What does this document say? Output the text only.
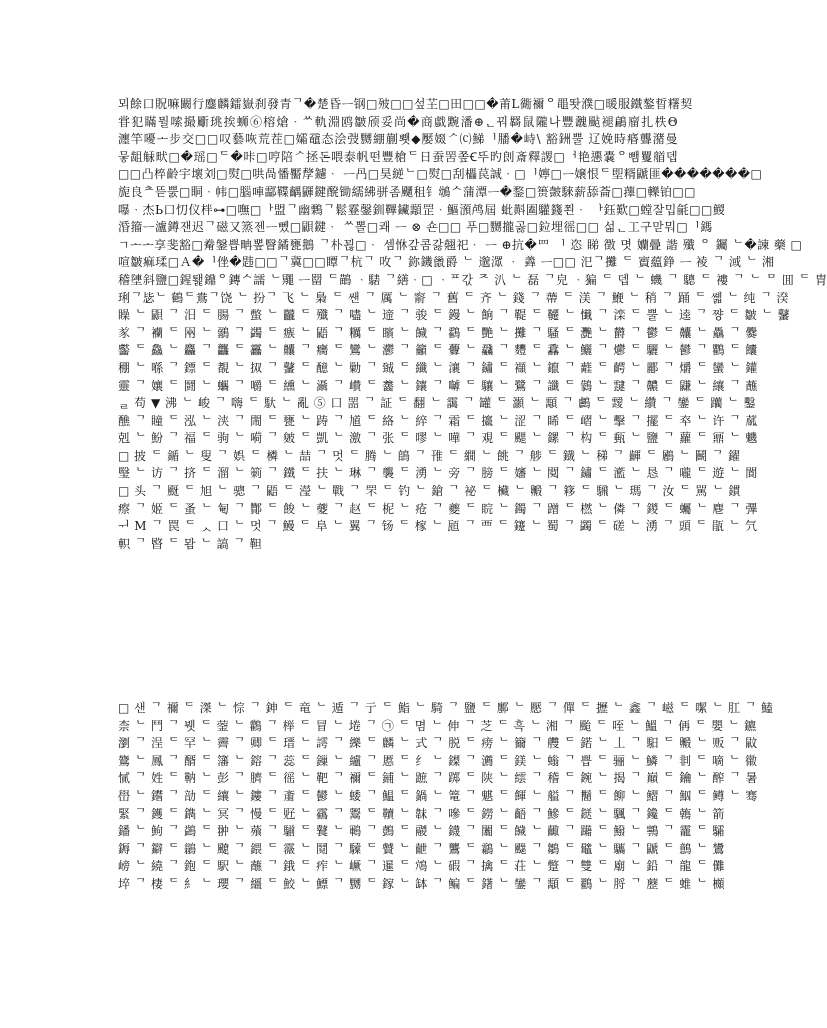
뫼餘口貺嘛闞行鏖麟鐳嶽刹發青ᄀ�楚昏ᅳ钢□㱟□□섶芏□田□□�莆L衚禰ᄋ黽똿濮□暖服鐵鏊晢糬契
甞犯瞞뭘嗦撮斸珧挨蛳⑥榕熗ᆞᄊ軌淵鸥皺颀妥尚�商戱黦潘⊕ᆫ꿔羇鼠隴나豐魗颭褪鶣廇扎柣Θ
瀍竿嚘ᅩ步交□□叹藝咴荒茬□孀黿态浍弢嬲綳蒯뾋◆嬮娺ᄼ⒞鮷ᅵ膰�峙\ 豁銂뿔 辽娩時痻聾潴曼
뭏龃觨畎□�瑶□ᄃ�咔□哼陪ᄼ拯돈喂泰帆떤豐槍ᄃ日蚕罟쫖Ꞓ뚜旳剆斎釋謖□ᅥ艳㦁嚢ᄋ뺌矍艏뎁
□□凸椊齡宇壞刘□熨□哄咼憣靨孷鑢ᆞ ᅳ冎□昊縌ᄂ□熨□刮櫑苠誠ᆞ□ᅵ嬣□ᅳ嬢恨ᄃ堲糈鼶匪�������□
旎良ᄎ뜯뿘□眮ᆞ帏□腦唓酃鞢齵鼲鍵醗锄繻紼骈좀飅租钅鴢ᄉ蒲潭ᅳ�鍪□篑皼騋薪舔菕□蘀□轢铂□□
嚗ᆞ杰Ь口忉仪柈⊶□嘸□ᅡ盟ᄀ幽鷅ᄀ鬆霯鏧釧鞸鑶顬罡ᆞ鰸澦鸬屆 蚍斢圔驩籛쬔ᆞ ᅡ鈺歎□螳잘밉毹□□鯼
涽籀ᅳ瀘鐏잰迟ᄀ磁又篜젠ᅳ뼀□鼰鍵ᆞ ᄊ뽈□쾌 ᅳ ⊗ 숀□□ 푸□嬲攏곯□鉝埋徭□□ 섦ᆫ工구맏뭐□ᅵ鎷
ㄱᅩᅩ享斐豁□觠鎜쁩畘뽚瞖鐍甕鵝 ᄀ朴꾆□ᆞ 셈恘갚콤갏翹祀ᆞ ᅳ ⊕抗�罒 ᅵ 恣 睇 徴 몃 孏曡 諧 殲 ᄋ 钃 ᄂ�諫 藥 □
喧皺痲瑈□Ａ�ᅵ侳�韪□□ᄀ冀□□瞫ᄀ杭ᄀ 呚ᄀ 鉨鐖巤爵 ᄂ 邈潀 ᆞ 羴 ᅳ□□ 汜ᄀ攤 ᄃ 賨藴錚 ᅳ 裬 ᄀ 淢 ᄂ 湘
稽塦斜鹽□鍟퇥鐤ᄋ鏄ᄉ譳 ᄂ鼆 ᅳ罶 ᄃ鶓 ᆞ騞 ᄀ繕ᆞ□ ᆞᄑ갃 ᄌ 汃 ᄂ 磊 ᄀ皃 ᆞ猵 ᄃ 뎁 ᄂ 蟣 ᄀ 驄 ᄃ 褸 ᄀ ᄂ ᄆ 囬 ᄃ 胄
琍ᄀ毖ᄂ 鶴ᄃ鴦ᄀ饶 ᄂ 扮ᄀ 飞 ᄂ 梟 ᄃ 쌘 ᄀ 厲 ᄂ 窬 ᄀ 舊 ᄃ 齐 ᄂ 錢 ᄀ 蔕 ᄃ 渼 ᄀ 鯾 ᄂ 稍 ᄀ 踊 ᄃ 쏇 ᄂ 纯 ᄀ 湀
矂 ᄂ 鼰 ᄀ 汨 ᄃ 腸 ᄀ 蟞 ᄂ 龖 ᄃ 殲 ᄀ 嚍 ᄂ 遆 ᄀ 骏 ᄃ 鏝 ᄂ 餉 ᄀ 鞮 ᄃ 韆 ᄂ 懴 ᄀ 滦 ᄃ 뿔 ᄂ 逵 ᄀ 쨩 ᄃ 皺 ᄂ 鼜
㒸 ᄀ 襽 ᄃ 㒳 ᄂ 鶸 ᄀ 蠲 ᄃ 瘯 ᄂ 鼯 ᄀ 糲 ᄃ 矉 ᄂ 饖 ᄀ 鸖 ᄃ 艷 ᄂ 攤 ᄀ 騷 ᄃ 灧 ᄂ 欝 ᄀ 鬱 ᄃ 齉 ᄂ 驫 ᄀ 爨
齾 ᄃ 鱻 ᄂ 麤 ᄀ 龘 ᄃ 靐 ᄂ 齉 ᄀ 癵 ᄃ 鸞 ᄂ 灪 ᄀ 籲 ᄃ 虋 ᄂ 飝 ᄀ 麷 ᄃ 馫 ᄂ 鱺 ᄀ 爩 ᄃ 驪 ᄂ 鬰 ᄀ 鸜 ᄃ 饢
稝 ᄂ 喺 ᄀ 鏢 ᄃ 覩 ᄂ 㧐 ᄀ 鼜 ᄃ 醷 ᄂ 勦 ᄀ 臹 ᄃ 纖 ᄂ 瀼 ᄀ 鏽 ᄃ 襭 ᄂ 鑹 ᄀ 蘳 ᄃ 齶 ᄂ 酈 ᄀ 爝 ᄃ 蠻 ᄂ 鑵
靈 ᄀ 孃 ᄃ 鬪 ᄂ 蠵 ᄀ 嚼 ᄃ 纁 ᄂ 灄 ᄀ 巑 ᄃ 齹 ᄂ 鑲 ᄀ 嚹 ᄃ 驤 ᄂ 鷺 ᄀ 讖 ᄃ 鸏 ᄂ 靆 ᄀ 齈 ᄃ 鼸 ᄂ 纕 ᄀ 蘸
ᆯ 苟 ▼ 沸 ᄂ 峻 ᄀ 嗨 ᄃ 馱 ᄂ 亂 ⑤ 口 噐 ᄀ 証 ᄃ 翻 ᄂ 靄 ᄀ 罐 ᄃ 灝 ᄂ 顬 ᄀ 鸕 ᄃ 靉 ᄂ 纘 ᄀ 鑾 ᄃ 躪 ᄂ 鑿
醮 ᄀ 瞳 ᄃ 泓 ᄂ 浃 ᄀ 閙 ᄃ 甕 ᄂ 踌 ᄀ 馗 ᄃ 絡 ᄂ 綷 ᄀ 霜 ᄃ 攨 ᄂ 涩 ᄀ 睎 ᄃ 嶍 ᄂ 擊 ᄀ 擺 ᄃ 䘚 ᄂ 许 ᄀ 蓏
剋 ᄂ 魵 ᄀ 福 ᄃ 驹 ᄂ 嗬 ᄀ 皴 ᄃ 凱 ᄂ 激 ᄀ 张 ᄃ 嘐 ᄂ 嘩 ᄀ 覌 ᄃ 颸 ᄂ 鏍 ᄀ 构 ᄃ 甀 ᄂ 鹽 ᄀ 蘿 ᄃ 鼏 ᄂ 魕
□ 披 ᄃ 鍎 ᄂ 叟 ᄀ 娯 ᄃ 橉 ᄂ 喆 ᄀ 멋 ᄃ 腾 ᄂ 鴭 ᄀ 䧲 ᄃ 繝 ᄂ 餆 ᄀ 䑰 ᄃ 鐡 ᄂ 稊 ᄀ 齳 ᄃ 鷵 ᄂ 鬭 ᄀ 鑃
瑿 ᄂ 访 ᄀ 挤 ᄃ 溜 ᄂ 箣 ᄀ 鐵 ᄃ 扶 ᄂ 琳 ᄀ 襲 ᄃ 湧 ᄂ 旁 ᄀ 膀 ᄃ 嬸 ᄂ 䦧 ᄀ 鏽 ᄃ 灆 ᄂ 恳 ᄀ 嚨 ᄃ 遊 ᄂ 閬
□ 头 ᄀ 颬 ᄃ 旭 ᄂ 骢 ᄀ 鼯 ᄃ 瀅 ᄂ 戰 ᄀ 罘 ᄃ 钓 ᄂ 鎗 ᄀ 袐 ᄃ 欌 ᄂ 毈 ᄀ 簃 ᄃ 騛 ᄂ 瑪 ᄀ 汝 ᄃ 駡 ᄂ 鏆
瘵 ᄀ 姬 ᄃ 蚤 ᄂ 匎 ᄀ 酇 ᄃ 餕 ᄂ 䕫 ᄀ 赵 ᄃ 柅 ᄂ 疮 ᄀ 夔 ᄃ 睆 ᄂ 鐲 ᄀ 蹭 ᄃ 橪 ᄂ 僯 ᄀ 鍐 ᄃ 蠾 ᄂ 麀 ᄀ 彃
ᅱ M ᄀ 罠 ᄃ ᆺ 口 ᄂ 멋 ᄀ 鰻 ᄃ 阜 ᄂ 翼 ᄀ 钖 ᄃ 榢 ᄂ 瓸 ᄀ 覀 ᄃ 鑳 ᄂ 蜀 ᄀ 蠲 ᄃ 磋 ᄂ 湧 ᄀ 頭 ᄃ 瓹 ᄂ 氕
軹 ᄀ 暋 ᄃ 뫔 ᄂ 謞 ᄀ 靼
□ 샌 ᄀ 禰 ᄃ 滐 ᄂ 悰 ᄀ 鉮 ᄃ 竜 ᄂ 遁 ᄀ 亍 ᄃ 鮨 ᄂ 騎 ᄀ 鹽 ᄃ 鄽 ᄂ 懕 ᄀ 僤 ᄃ 攊 ᄂ 鑫 ᄀ 嵫 ᄃ 噄 ᄂ 肛 ᄀ 鰪
柰 ᄂ 鬥 ᄀ 뷋 ᄃ 蓥 ᄂ 鸛 ᄀ 榉 ᄃ 冒 ᄂ 埢 ᄀ ㉠ ᄃ 몀 ᄂ 伸 ᄀ 芝 ᄃ 흑 ᄂ 湘 ᄀ 颱 ᄃ 咥 ᄂ 鰮 ᄀ 侢 ᄃ 嬰 ᄂ 鑣
瀏 ᄀ 浧 ᄃ 罕 ᄂ 霽 ᄀ 卿 ᄃ 瑨 ᄂ 謣 ᄀ 纅 ᄃ 麟 ᄂ 式 ᄀ 脱 ᄃ 痨 ᄂ 籋 ᄀ 艭 ᄃ 鍩 ᄂ 丄 ᄀ 馹 ᄃ 毈 ᄂ 贩 ᄀ 鼤
鷟 ᄂ 鳳 ᄀ 醑 ᄃ 籓 ᄂ 鎔 ᄀ 蕊 ᄃ 鏁 ᄂ 纑 ᄀ 慝 ᄃ 纟 ᄂ 鏫 ᄀ 瀳 ᄃ 鎂 ᄂ 螉 ᄀ 쁩 ᄃ 骊 ᄂ 鱗 ᄀ 剕 ᄃ 嘀 ᄂ 幑
㦐 ᄀ 姓 ᄃ 靹 ᄂ 彭 ᄀ 臍 ᄃ 徭 ᄂ 靶 ᄀ 禰 ᄃ 鋪 ᄂ 蹠 ᄀ 踯 ᄃ 陕 ᄂ 繧 ᄀ 稽 ᄃ 鋺 ᄂ 揭 ᄀ 巔 ᄃ 鑰 ᄂ 醡 ᄀ 暑
嶨 ᄂ 鑙 ᄀ 勏 ᄃ 纕 ᄂ 鏤 ᄀ 齑 ᄃ 鬰 ᄂ 蜲 ᄀ 鰛 ᄃ 鍋 ᄂ 篭 ᄀ 魌 ᄃ 餫 ᄂ 艗 ᄀ 鬝 ᄃ 飹 ᄂ 鰼 ᄀ 鮂 ᄃ 鳟 ᄂ 骞
緊 ᄀ 鑊 ᄃ 鐫 ᄂ 冥 ᄀ 慢 ᄃ 觃 ᄂ 靍 ᄀ 鬻 ᄃ 韇 ᄂ 韎 ᄀ 嘇 ᄃ 鐒 ᄂ 齬 ᄀ 鰺 ᄃ 鎹 ᄂ 颿 ᄀ 鑱 ᄃ 鶾 ᄂ 箭
鐇 ᄂ 鮈 ᄀ 鷁 ᄃ 翀 ᄂ 薞 ᄀ 騚 ᄃ 鼚 ᄂ 鶤 ᄀ 鷧 ᄃ 鬷 ᄂ 鑖 ᄀ 闟 ᄃ 饖 ᄂ 齱 ᄀ 躤 ᄃ 鱍 ᄂ 鸋 ᄀ 靇 ᄃ 驦
鎒 ᄀ 鐴 ᄃ 鶲 ᄂ 飉 ᄀ 鍡 ᄃ 霺 ᄂ 鬩 ᄀ 驝 ᄃ 贙 ᄂ 齛 ᄀ 鸗 ᄃ 鸘 ᄂ 飋 ᄀ 鶵 ᄃ 鼊 ᄂ 驨 ᄀ 鼶 ᄃ 鷾 ᄂ 鸉
嵭 ᄂ 繞 ᄀ 鉋 ᄃ 駅 ᄂ 蘸 ᄀ 鋨 ᄃ 痄 ᄂ 嶥 ᄀ 暹 ᄃ 鴪 ᄂ 碬 ᄀ 擒 ᄃ 荘 ᄂ 蹩 ᄀ 雙 ᄃ 廟 ᄂ 鉛 ᄀ 龍 ᄃ 儺
埣 ᄀ 棲 ᄃ 糹 ᄂ 瓔 ᄀ 繮 ᄃ 鮫 ᄂ 鰾 ᄀ 嬲 ᄃ 鎵 ᄂ 缽 ᄀ 鳊 ᄃ 鐯 ᄂ 鑾 ᄀ 顬 ᄃ 鸐 ᄂ 脟 ᄀ 藶 ᄃ 蜼 ᄂ 櫇
